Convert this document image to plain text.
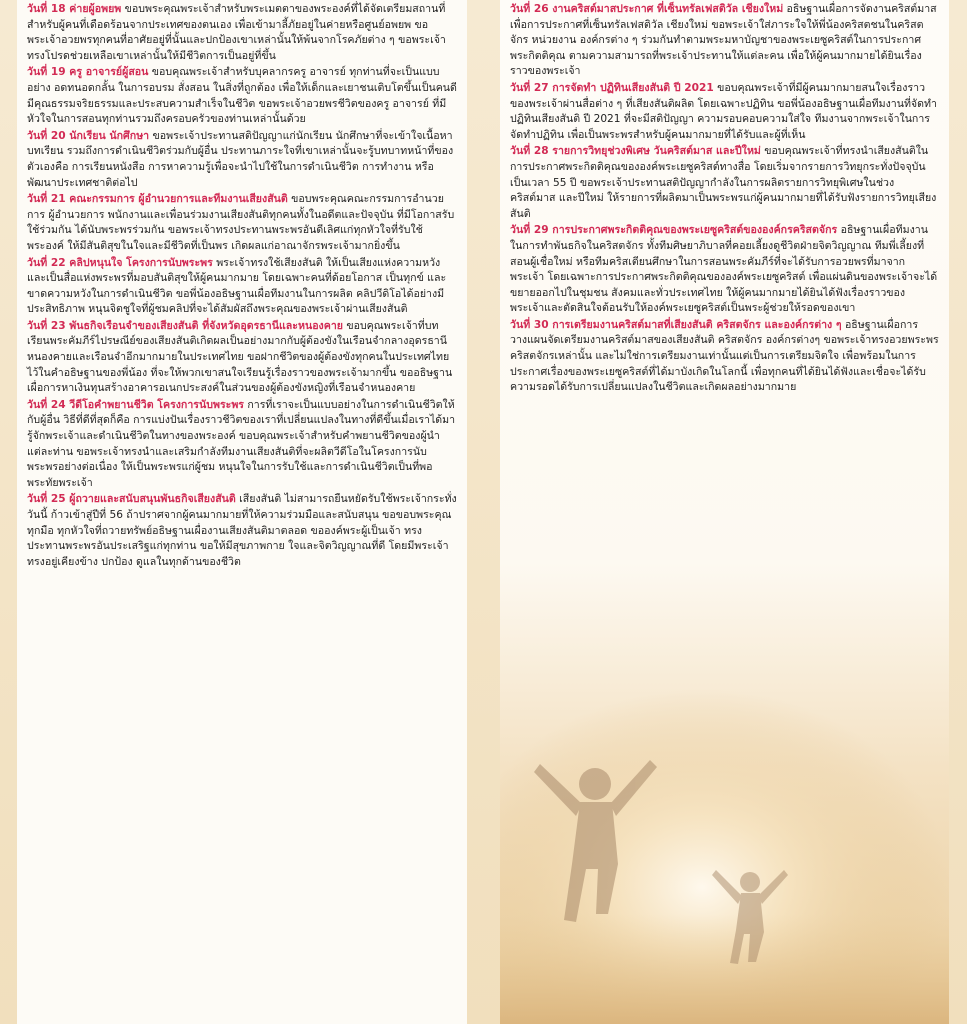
วันที่ 18 ค่ายผู้อพยพ ขอบพระคุณพระเจ้าสำหรับพระเมตตาของพระองค์ที่ได้จัดเตรียมสถานที่สำหรับผู้คนที่เดือดร้อนจากประเทศของตนเอง เพื่อเข้ามาลี้ภัยอยู่ในค่ายหรือศูนย์อพยพ ขอพระเจ้าอวยพรทุกคนที่อาศัยอยู่ที่นั้นและปกป้องเขาเหล่านั้นให้พ้นจากโรคภัยต่าง ๆ ขอพระเจ้าทรงโปรดช่วยเหลือเขาเหล่านั้นให้มีชีวิตการเป็นอยู่ที่ขึ้น

วันที่ 19 ครู อาจารย์ผู้สอน ขอบคุณพระเจ้าสำหรับบุคลากรครู อาจารย์ ทุกท่านที่จะเป็นแบบอย่าง อดทนอดกลั้น ในการอบรม สั่งสอน ในสิ่งที่ถูกต้อง เพื่อให้เด็กและเยาชนเติบโตขึ้นเป็นคนดี มีคุณธรรมจริยธรรมและประสบความสำเร็จในชีวิต ขอพระเจ้าอวยพรชีวิตของครู อาจารย์ ที่มีหัวใจในการสอนทุกท่านรวมถึงครอบครัวของท่านเหล่านั้นด้วย

วันที่ 20 นักเรียน นักศึกษา ขอพระเจ้าประทานสติปัญญาแก่นักเรียน นักศึกษาที่จะเข้าใจเนื้อหา บทเรียน รวมถึงการดำเนินชีวิตร่วมกับผู้อื่น ประทานภาระใจที่เขาเหล่านั้นจะรู้บทบาทหน้าที่ของตัวเองคือ การเรียนหนังสือ การหาความรู้เพื่อจะนำไปใช้ในการดำเนินชีวิต การทำงาน หรือพัฒนาประเทศชาติต่อไป

วันที่ 21 คณะกรรมการ ผู้อำนวยการและทีมงานเสียงสันติ ขอบพระคุณคณะกรรมการอำนวยการ ผู้อำนวยการ พนักงานและเพื่อนร่วมงานเสียงสันติทุกคนทั้งในอดีตและปัจจุบัน ที่มีโอกาสรับใช้ร่วมกัน ได้นับพระพรร่วมกัน ขอพระเจ้าทรงประทานพระพรอันดีเลิศแก่ทุกหัวใจที่รับใช้พระองค์ ให้มีสันติสุขในใจและมีชีวิตที่เป็นพร เกิดผลแก่อาณาจักรพระเจ้ามากยิ่งขึ้น

วันที่ 22 คลิปหนุนใจ โครงการนับพระพร พระเจ้าทรงใช้เสียงสันติ ให้เป็นเสียงแห่งความหวัง และเป็นสื่อแห่งพระพรที่มอบสันติสุขให้ผู้คนมากมาย โดยเฉพาะคนที่ด้อยโอกาส เป็นทุกข์ และขาดความหวังในการดำเนินชีวิต ขอพี่น้องอธิษฐานเผื่อทีมงานในการผลิต คลิปวีดิโอได้อย่างมีประสิทธิภาพ หนุนจิตชูใจที่ผู้ชมคลิปที่จะได้สัมผัสถึงพระคุณของพระเจ้าผ่านเสียงสันติ

วันที่ 23 พันธกิจเรือนจำของเสียงสันติ ที่จังหวัดอุดรธานีและหนองคาย ขอบคุณพระเจ้าที่บทเรียนพระคัมภีร์ไปรษณีย์ของเสียงสันติเกิดผลเป็นอย่างมากกับผู้ต้องขังในเรือนจำกลางอุดรธานี หนองคายและเรือนจำอีกมากมายในประเทศไทย ขอฝากชีวิตของผู้ต้องขังทุกคนในประเทศไทยไว้ในคำอธิษฐานของพี่น้อง ที่จะให้พวกเขาสนใจเรียนรู้เรื่องราวของพระเจ้ามากขึ้น ขออธิษฐานเผื่อการหาเงินทุนสร้างอาคารอเนกประสงค์ในส่วนของผู้ต้องขังหญิงที่เรือนจำหนองคาย

วันที่ 24 วีดีโอคำพยานชีวิต โครงการนับพระพร การที่เราจะเป็นแบบอย่างในการดำเนินชีวิตให้กับผู้อื่น วิธีที่ดีที่สุดก็คือ การแบ่งปันเรื่องราวชีวิตของเราที่เปลี่ยนแปลงในทางที่ดีขึ้นเมื่อเราได้มารู้จักพระเจ้าและดำเนินชีวิตในทางของพระองค์ ขอบคุณพระเจ้าสำหรับคำพยานชีวิตของผู้นำแต่ละท่าน ขอพระเจ้าทรงนำและเสริมกำลังทีมงานเสียงสันติที่จะผลิตวีดีโอในโครงการนับพระพรอย่างต่อเนื่อง ให้เป็นพระพรแก่ผู้ชม หนุนใจในการรับใช้และการดำเนินชีวิตเป็นที่พอพระทัยพระเจ้า

วันที่ 25 ผู้ถวายและสนับสนุนพันธกิจเสียงสันติ เสียงสันติ ไม่สามารถยืนหยัดรับใช้พระเจ้ากระทั่งวันนี้ ก้าวเข้าสู่ปีที่ 56 ถ้าปราศจากผู้คนมากมายที่ให้ความร่วมมือและสนับสนุน ขอขอบพระคุณทุกมือ ทุกหัวใจที่ถวายทรัพย์อธิษฐานเผื่องานเสียงสันติมาตลอด ขอองค์พระผู้เป็นเจ้า ทรงประทานพระพรอันประเสริฐแก่ทุกท่าน ขอให้มีสุขภาพกาย ใจและจิตวิญญาณที่ดี โดยมีพระเจ้าทรงอยู่เคียงข้าง ปกป้อง ดูแลในทุกด้านของชีวิต

วันที่ 26 งานคริสต์มาสประกาศ ที่เซ็นทรัลเฟสติวัล เชียงใหม่ อธิษฐานเผื่อการจัดงานคริสต์มาสเพื่อการประกาศที่เซ็นทรัลเฟสติวัล เชียงใหม่ ขอพระเจ้าใส่ภาระใจให้พี่น้องคริสตชนในคริสตจักร หน่วยงาน องค์กรต่าง ๆ ร่วมกันทำตามพระมหาบัญชาของพระเยซูคริสต์ในการประกาศพระกิตติคุณ ตามความสามารถที่พระเจ้าประทานให้แต่ละคน เพื่อให้ผู้คนมากมายได้ยินเรื่องราวของพระเจ้า

วันที่ 27 การจัดทำ ปฏิทินเสียงสันติ ปี 2021 ขอบคุณพระเจ้าที่มีผู้คนมากมายสนใจเรื่องราวของพระเจ้าผ่านสื่อต่าง ๆ ที่เสียงสันติผลิต โดยเฉพาะปฏิทิน ขอพี่น้องอธิษฐานเผื่อทีมงานที่จัดทำปฏิทินเสียงสันติ ปี 2021 ที่จะมีสติปัญญา ความรอบคอบความใส่ใจ ทีมงานจากพระเจ้าในการจัดทำปฏิทิน เพื่อเป็นพระพรสำหรับผู้คนมากมายที่ได้รับและผู้ที่เห็น

วันที่ 28 รายการวิทยุช่วงพิเศษ วันคริสต์มาส และปีใหม่ ขอบคุณพระเจ้าที่ทรงนำเสียงสันติในการประกาศพระกิตติคุณขององค์พระเยซูคริสต์ทางสื่อ โดยเริ่มจากรายการวิทยุกระทั่งปัจจุบันเป็นเวลา 55 ปี ขอพระเจ้าประทานสติปัญญากำลังในการผลิตรายการวิทยุพิเศษในช่วงคริสต์มาส และปีใหม่ ให้รายการที่ผลิตมาเป็นพระพรแก่ผู้คนมากมายที่ได้รับฟังรายการวิทยุเสียงสันติ

วันที่ 29 การประกาศพระกิตติคุณของพระเยซูคริสต์ขององค์กรคริสตจักร อธิษฐานเผื่อทีมงานในการทำพันธกิจในคริสตจักร ทั้งทีมศิษยาภิบาลที่คอยเลี้ยงดูชีวิตฝ่ายจิตวิญญาณ ทีมพี่เลี้ยงที่สอนผู้เชื่อใหม่ หรือทีมคริสเตียนศึกษาในการสอนพระคัมภีร์ที่จะได้รับการอวยพรที่มาจากพระเจ้า โดยเฉพาะการประกาศพระกิตติคุณขององค์พระเยซูคริสต์ เพื่อแผ่นดินของพระเจ้าจะได้ขยายออกไปในชุมชน สังคมและทั่วประเทศไทย ให้ผู้คนมากมายได้ยินได้ฟังเรื่องราวของพระเจ้าและตัดสินใจต้อนรับให้องค์พระเยซูคริสต์เป็นพระผู้ช่วยให้รอดของเขา

วันที่ 30 การเตรียมงานคริสต์มาสที่เสียงสันติ คริสตจักร และองค์กรต่าง ๆ อธิษฐานเผื่อการวางแผนจัดเตรียมงานคริสต์มาสของเสียงสันติ คริสตจักร องค์กรต่างๆ ขอพระเจ้าทรงอวยพระพรคริสตจักรเหล่านั้น และไม่ใช่การเตรียมงานเท่านั้นแต่เป็นการเตรียมจิตใจ เพื่อพร้อมในการประกาศเรื่องของพระเยซูคริสต์ที่ได้มาบังเกิดในโลกนี้ เพื่อทุกคนที่ได้ยินได้ฟังและเชื่อจะได้รับความรอดได้รับการเปลี่ยนแปลงในชีวิตและเกิดผลอย่างมากมาย
